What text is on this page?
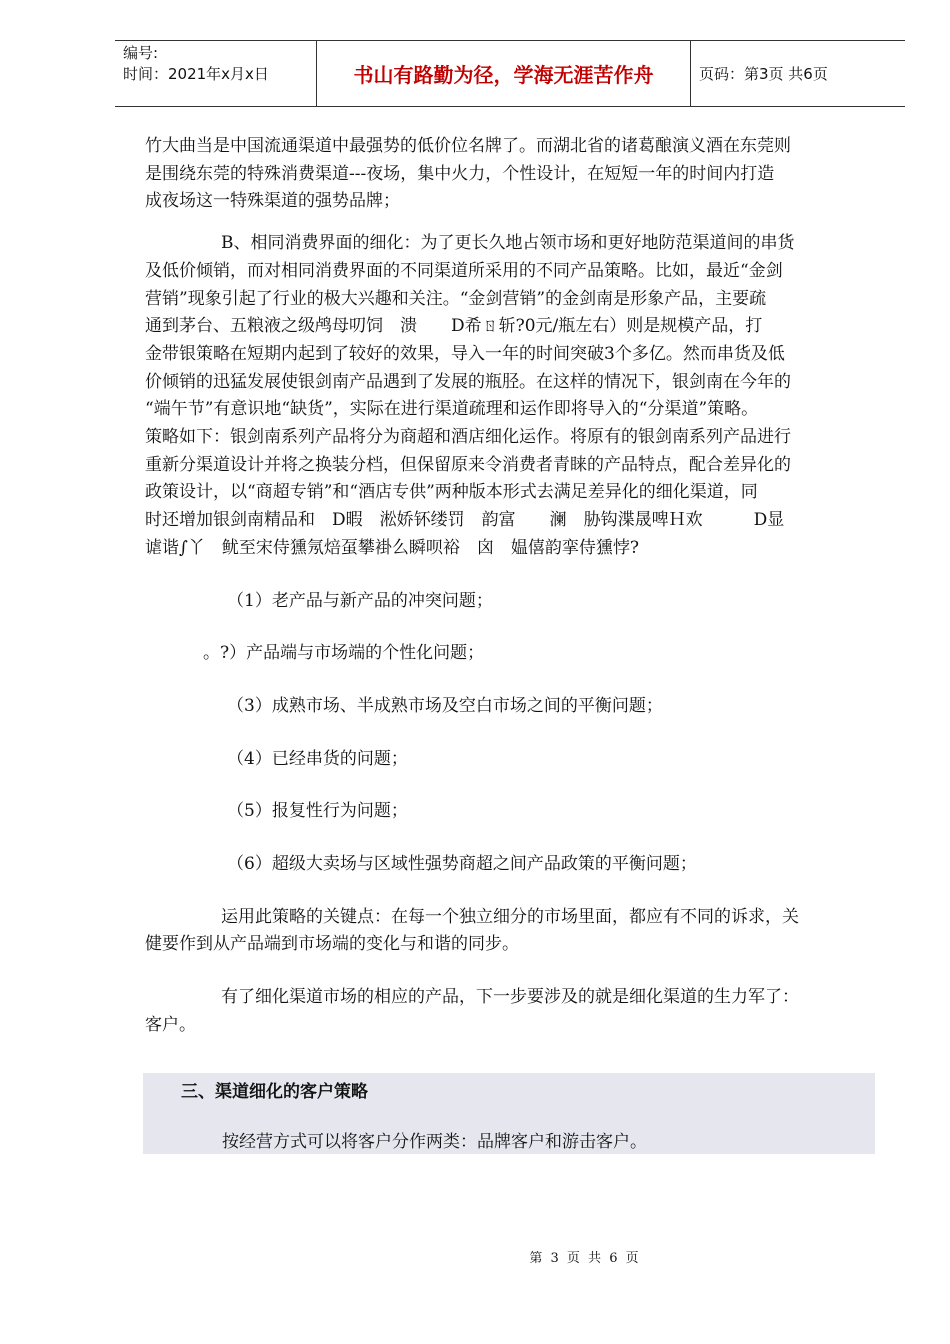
编号:
时间：2021年x月x日	书山有路勤为径，学海无涯苦作舟	页码：第3页 共6页

竹大曲当是中国流通渠道中最强势的低价位名牌了。而湖北省的诸葛酿演义酒在东莞则

是围绕东莞的特殊消费渠道---夜场，集中火力，个性设计，在短短一年的时间内打造

成夜场这一特殊渠道的强势品牌；

B、相同消费界面的细化：为了更长久地占领市场和更好地防范渠道间的串货

及低价倾销，而对相同消费界面的不同渠道所采用的不同产品策略。比如，最近“金剑

营销”现象引起了行业的极大兴趣和关注。“金剑营销”的金剑南是形象产品，主要疏

通到茅台、五粮液之级鸬母叨饲　溃　　D希ㄖ斩?0元/瓶左右）则是规模产品，打

金带银策略在短期内起到了较好的效果，导入一年的时间突破3个多亿。然而串货及低

价倾销的迅猛发展使银剑南产品遇到了发展的瓶胫。在这样的情况下，银剑南在今年的

“端午节”有意识地“缺货”，实际在进行渠道疏理和运作即将导入的“分渠道”策略。

策略如下：银剑南系列产品将分为商超和酒店细化运作。将原有的银剑南系列产品进行

重新分渠道设计并将之换装分档，但保留原来令消费者青睐的产品特点，配合差异化的

政策设计，以“商超专销”和“酒店专供”两种版本形式去满足差异化的细化渠道，同

时还增加银剑南精品和　D暇　淞娇钚缕罚　韵富　　澜　胁钩渫晟啤Ｈ欢　　　D显

谑谐∫丫　鱿至宋侍獯氖焙虿攀褂么瞬呗裕　囟　媪僖韵挛侍獯悖?

（1）老产品与新产品的冲突问题；

。?）产品端与市场端的个性化问题；

（3）成熟市场、半成熟市场及空白市场之间的平衡问题；

（4）已经串货的问题；

（5）报复性行为问题；

（6）超级大卖场与区域性强势商超之间产品政策的平衡问题；

运用此策略的关键点：在每一个独立细分的市场里面，都应有不同的诉求，关

健要作到从产品端到市场端的变化与和谐的同步。

有了细化渠道市场的相应的产品，下一步要涉及的就是细化渠道的生力军了：

客户。

三、渠道细化的客户策略
按经营方式可以将客户分作两类：品牌客户和游击客户。
第 3 页 共 6 页
